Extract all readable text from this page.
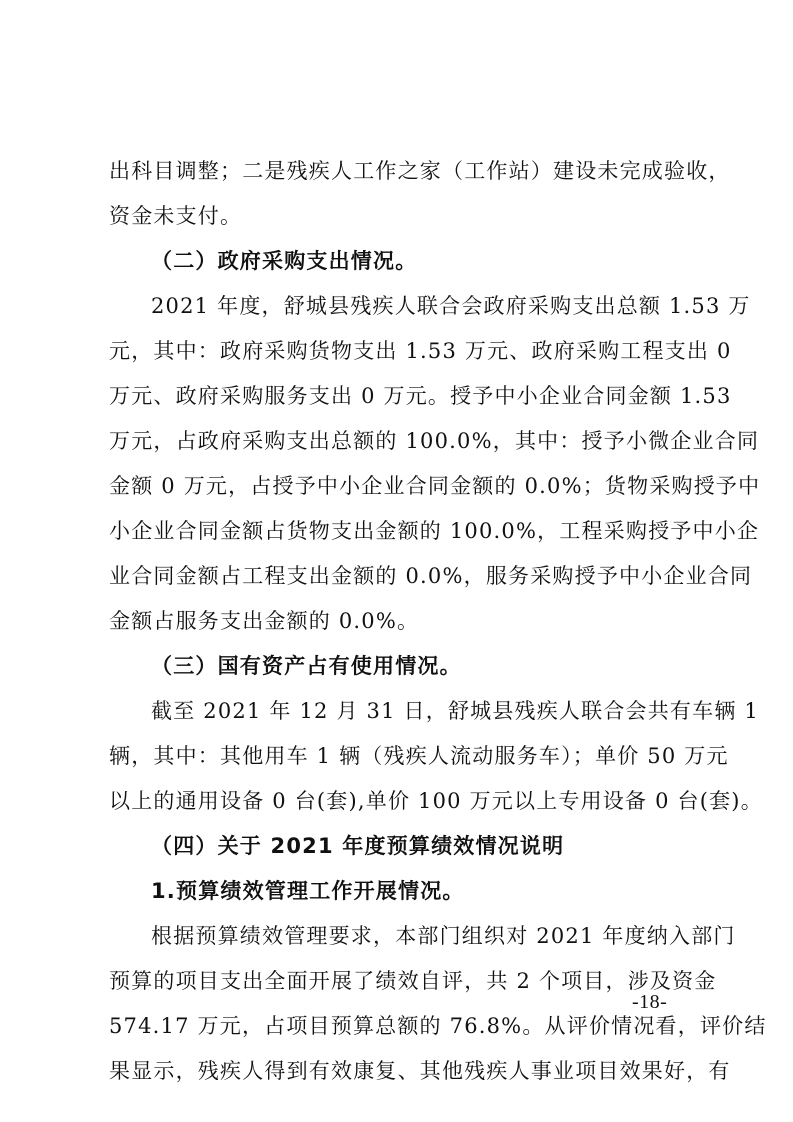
出科目调整；二是残疾人工作之家（工作站）建设未完成验收，
资金未支付。
（二）政府采购支出情况。
2021 年度，舒城县残疾人联合会政府采购支出总额 1.53 万
元，其中：政府采购货物支出 1.53 万元、政府采购工程支出 0
万元、政府采购服务支出 0 万元。授予中小企业合同金额 1.53
万元，占政府采购支出总额的 100.0%，其中：授予小微企业合同
金额 0 万元，占授予中小企业合同金额的 0.0%；货物采购授予中
小企业合同金额占货物支出金额的 100.0%，工程采购授予中小企
业合同金额占工程支出金额的 0.0%，服务采购授予中小企业合同
金额占服务支出金额的 0.0%。
（三）国有资产占有使用情况。
截至 2021 年 12 月 31 日，舒城县残疾人联合会共有车辆 1
辆，其中：其他用车 1 辆（残疾人流动服务车）；单价 50 万元
以上的通用设备 0 台(套),单价 100 万元以上专用设备 0 台(套)。
（四）关于 2021 年度预算绩效情况说明
1.预算绩效管理工作开展情况。
根据预算绩效管理要求，本部门组织对 2021 年度纳入部门
预算的项目支出全面开展了绩效自评，共 2 个项目，涉及资金
574.17 万元，占项目预算总额的 76.8%。从评价情况看，评价结
果显示，残疾人得到有效康复、其他残疾人事业项目效果好，有
-18-
